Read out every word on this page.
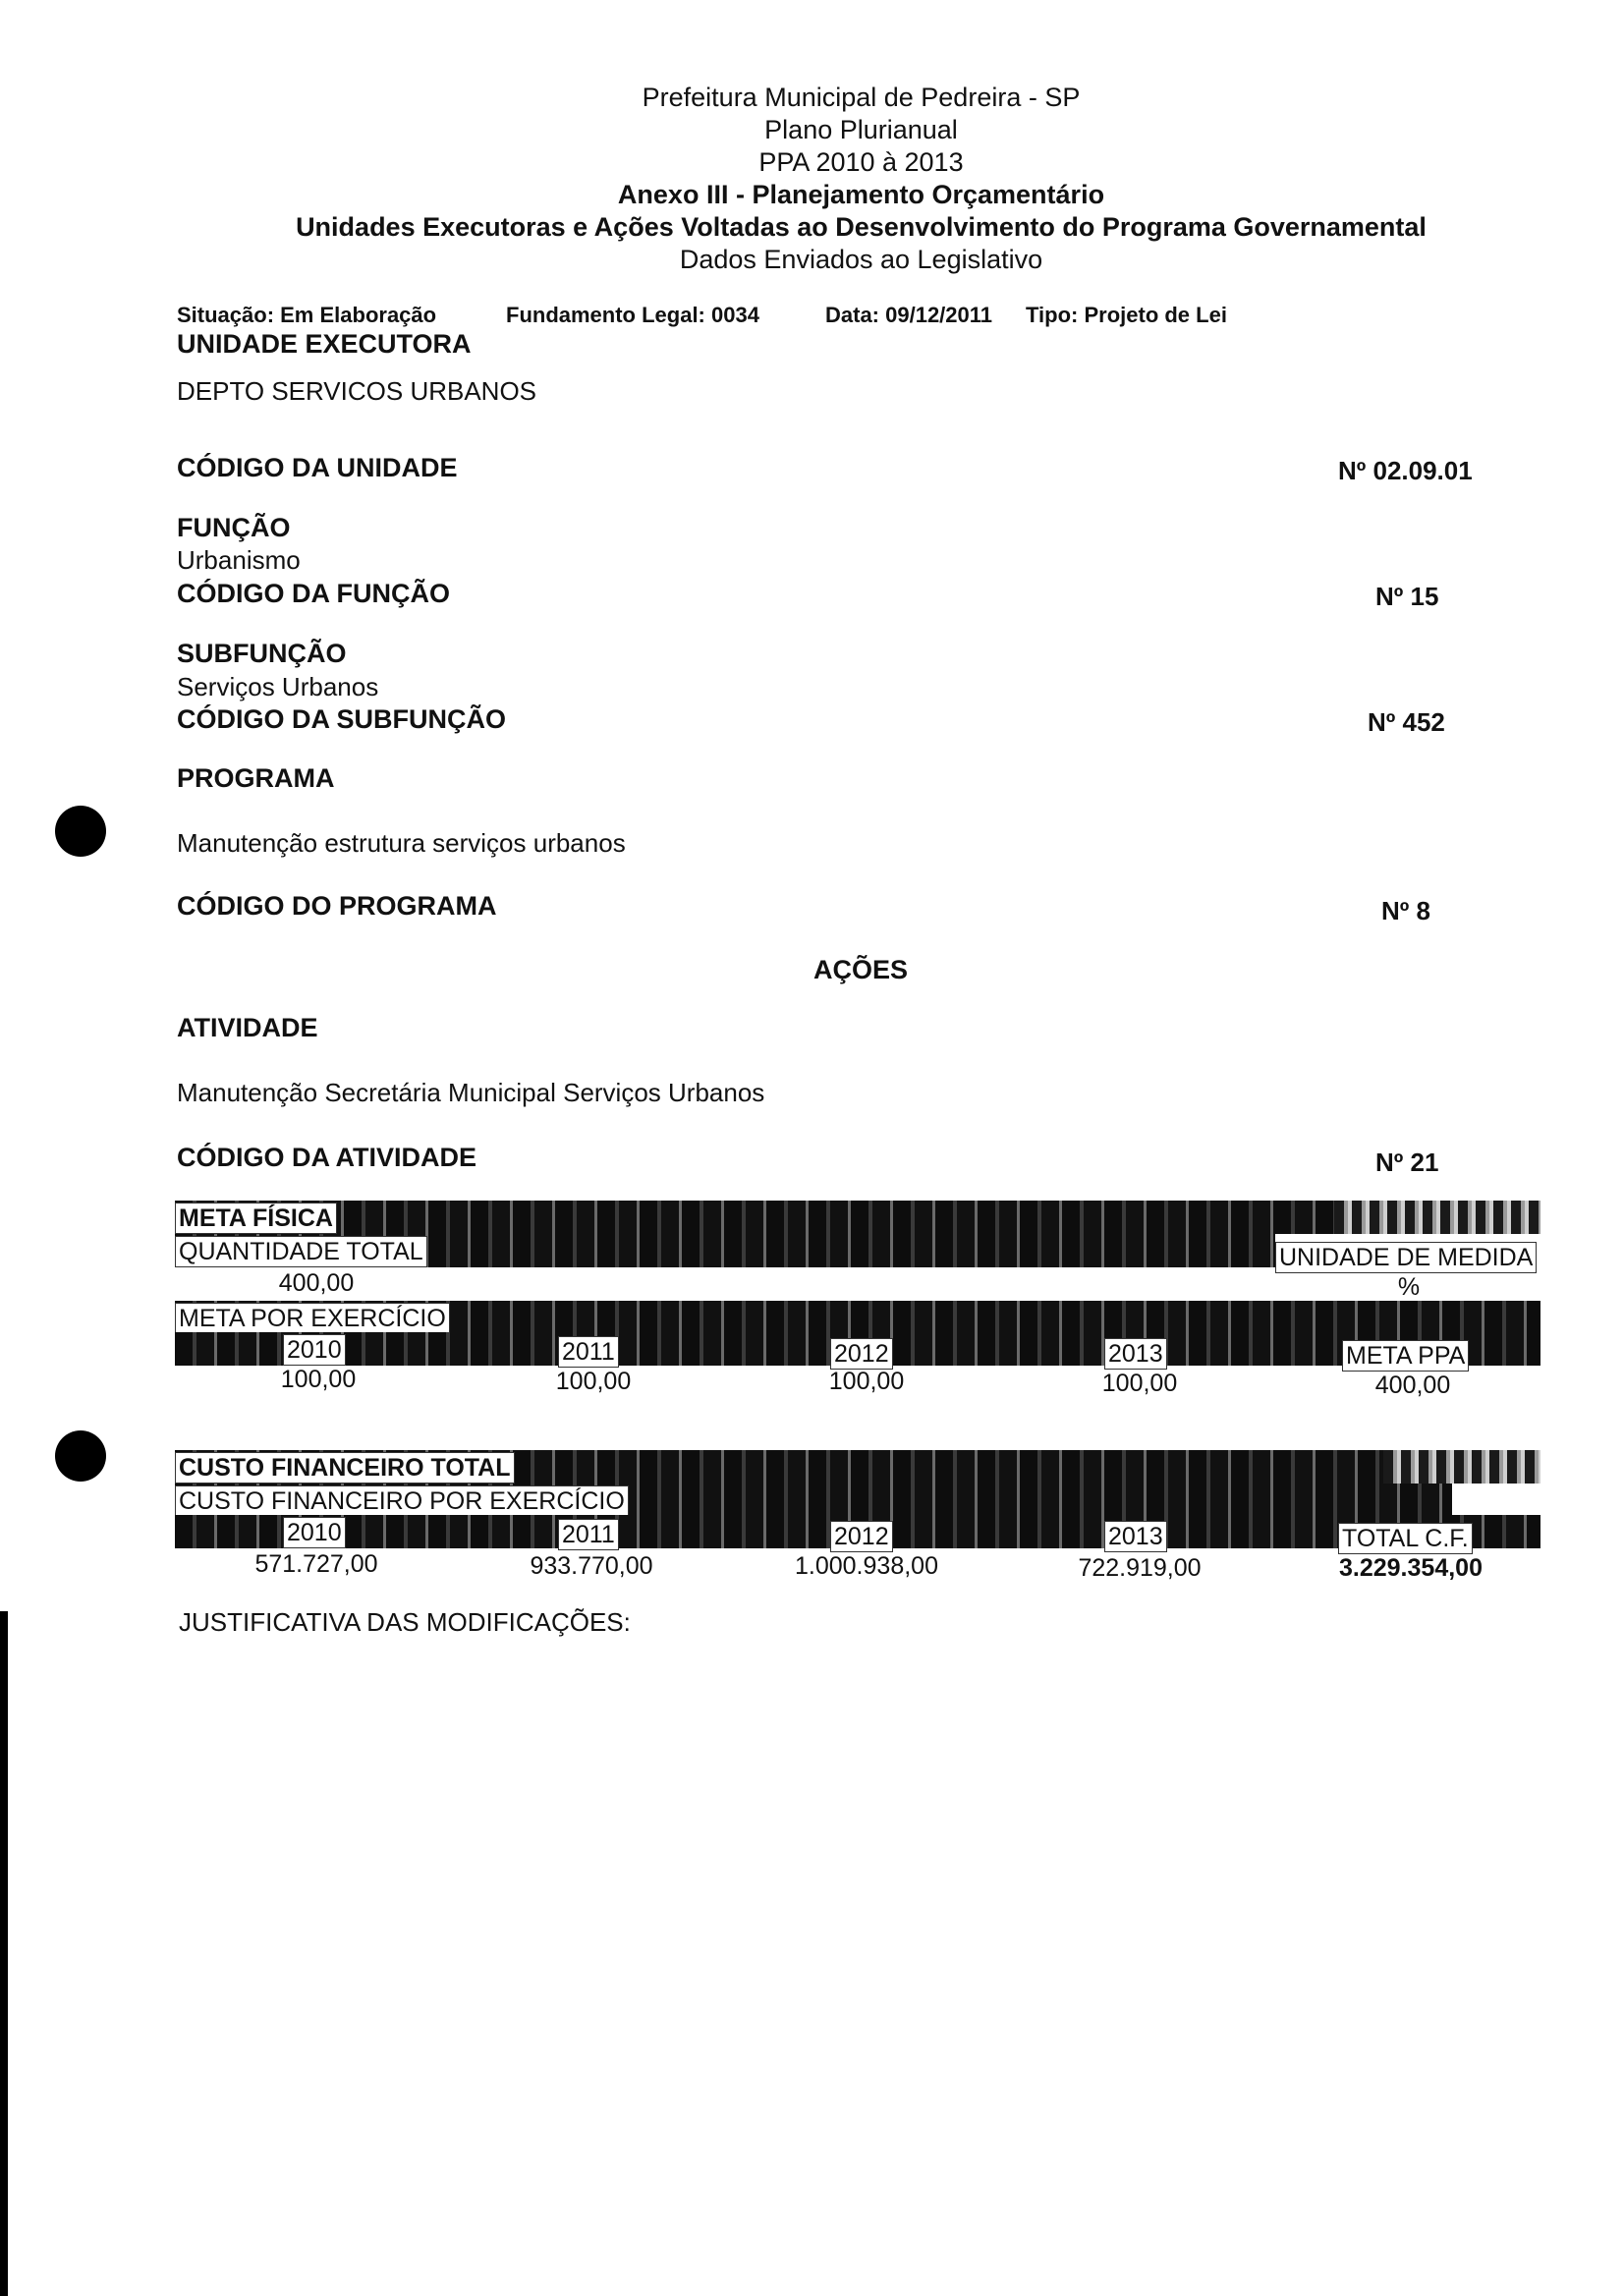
Prefeitura Municipal de Pedreira - SP
Plano Plurianual
PPA 2010 à 2013
Anexo III - Planejamento Orçamentário
Unidades Executoras e Ações Voltadas ao Desenvolvimento do Programa Governamental
Dados Enviados ao Legislativo
Situação: Em Elaboração	Fundamento Legal: 0034	Data: 09/12/2011 Tipo: Projeto de Lei
UNIDADE EXECUTORA
DEPTO SERVICOS URBANOS
CÓDIGO DA UNIDADE	Nº 02.09.01
FUNÇÃO
Urbanismo
CÓDIGO DA FUNÇÃO	Nº 15
SUBFUNÇÃO
Serviços Urbanos
CÓDIGO DA SUBFUNÇÃO	Nº 452
PROGRAMA
Manutenção estrutura serviços urbanos
CÓDIGO DO PROGRAMA	Nº 8
AÇÕES
ATIVIDADE
Manutenção Secretária Municipal Serviços Urbanos
CÓDIGO DA ATIVIDADE	Nº 21
META FÍSICA
QUANTIDADE TOTAL	UNIDADE DE MEDIDA
400,00	%
META POR EXERCÍCIO
2010	2011	2012	2013	META PPA
100,00	100,00	100,00	100,00	400,00
CUSTO FINANCEIRO TOTAL
CUSTO FINANCEIRO POR EXERCÍCIO
2010	2011	2012	2013	TOTAL C.F.
571.727,00	933.770,00	1.000.938,00	722.919,00	3.229.354,00
JUSTIFICATIVA DAS MODIFICAÇÕES:
